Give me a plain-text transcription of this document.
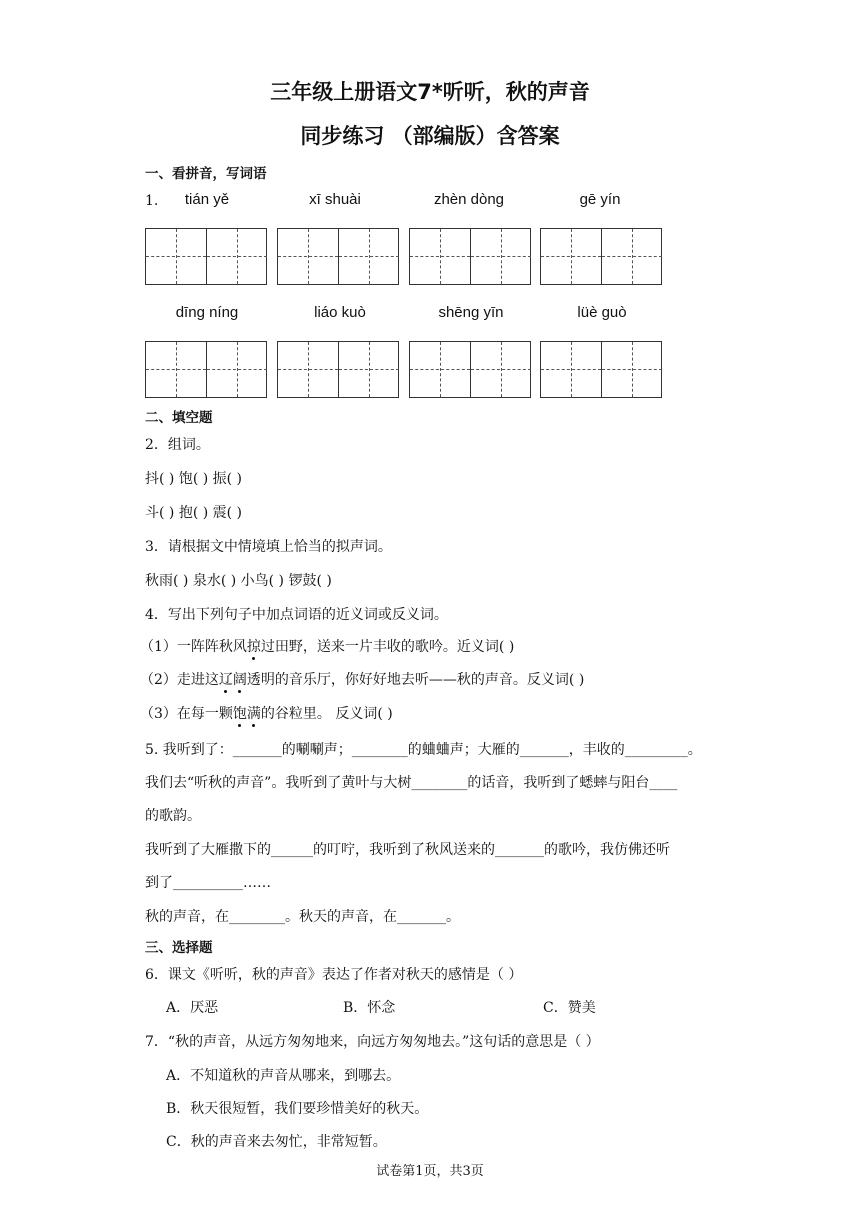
三年级上册语文7*听听，秋的声音
同步练习 （部编版）含答案
一、看拼音，写词语
1.	tián yě	xī shuài	zhèn dòng	gē yín
dīng níng	liáo kuò	shēng yīn	lüè guò
二、填空题
2．组词。
抖( ) 饱( ) 振( )
斗( ) 抱( ) 震( )
3．请根据文中情境填上恰当的拟声词。
秋雨( ) 泉水( ) 小鸟( ) 锣鼓( )
4．写出下列句子中加点词语的近义词或反义词。
（1）一阵阵秋风掠过田野，送来一片丰收的歌吟。近义词( )
（2）走进这辽阔透明的音乐厅，你好好地去听——秋的声音。反义词( )
（3）在每一颗饱满的谷粒里。 反义词( )
5. 我听到了：_______的唰唰声；________的蛐蛐声；大雁的_______，丰收的_________。
我们去“听秋的声音”。我听到了黄叶与大树________的话音，我听到了蟋蟀与阳台____
的歌韵。
我听到了大雁撒下的______的叮咛，我听到了秋风送来的_______的歌吟，我仿佛还听
到了__________……
秋的声音，在________。秋天的声音，在_______。
三、选择题
6．课文《听听，秋的声音》表达了作者对秋天的感情是（ ）
A．厌恶	B．怀念	C．赞美
7．“秋的声音，从远方匆匆地来，向远方匆匆地去。”这句话的意思是（ ）
A．不知道秋的声音从哪来，到哪去。
B．秋天很短暂，我们要珍惜美好的秋天。
C．秋的声音来去匆忙，非常短暂。
试卷第1页，共3页
